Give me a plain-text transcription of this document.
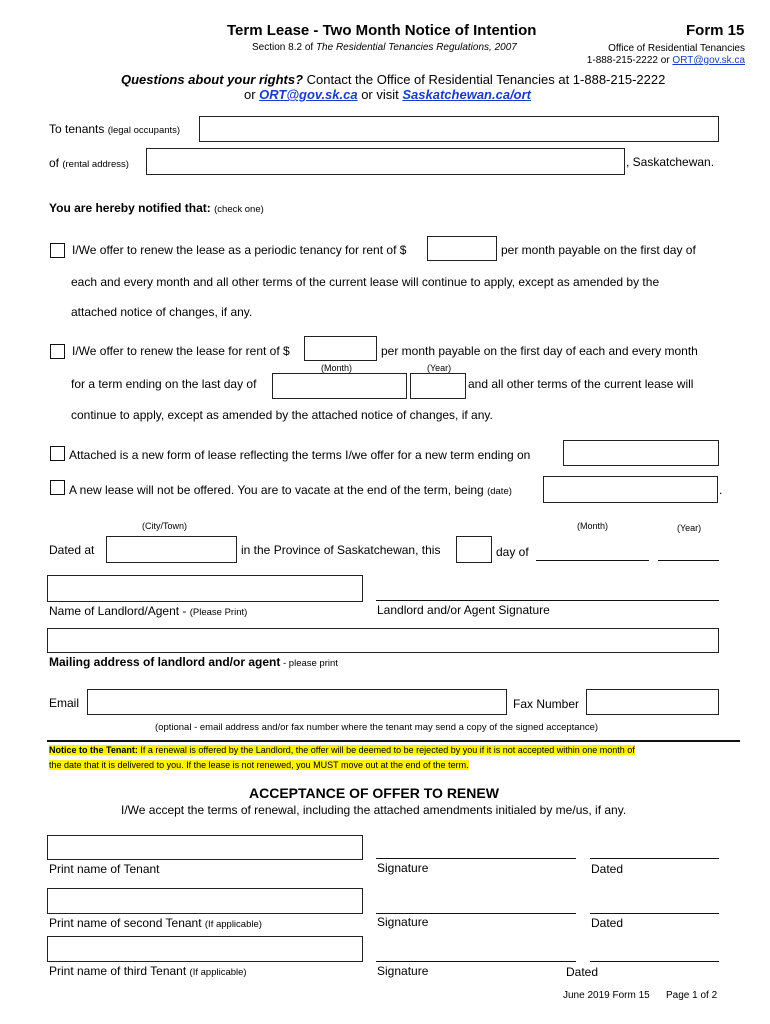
Term Lease - Two Month Notice of Intention	Form 15
Section 8.2 of The Residential Tenancies Regulations, 2007	Office of Residential Tenancies
1-888-215-2222 or ORT@gov.sk.ca
Questions about your rights? Contact the Office of Residential Tenancies at 1-888-215-2222
or ORT@gov.sk.ca or visit Saskatchewan.ca/ort
To tenants (legal occupants)
of (rental address)	, Saskatchewan.
You are hereby notified that: (check one)
I/We offer to renew the lease as a periodic tenancy for rent of $	per month payable on the first day of
each and every month and all other terms of the current lease will continue to apply, except as amended by the
attached notice of changes, if any.
I/We offer to renew the lease for rent of $	per month payable on the first day of each and every month
(Month)	(Year)
for a term ending on the last day of	and all other terms of the current lease will
continue to apply, except as amended by the attached notice of changes, if any.
Attached is a new form of lease reflecting the terms I/we offer for a new term ending on
A new lease will not be offered. You are to vacate at the end of the term, being (date)	.
(City/Town)	(Month)	(Year)
Dated at	in the Province of Saskatchewan, this	day of
Name of Landlord/Agent - (Please Print)	Landlord and/or Agent Signature
Mailing address of landlord and/or agent - please print
Email	Fax Number
(optional - email address and/or fax number where the tenant may send a copy of the signed acceptance)
Notice to the Tenant: If a renewal is offered by the Landlord, the offer will be deemed to be rejected by you if it is not accepted within one month of
the date that it is delivered to you. If the lease is not renewed, you MUST move out at the end of the term.
ACCEPTANCE OF OFFER TO RENEW
I/We accept the terms of renewal, including the attached amendments initialed by me/us, if any.
Print name of Tenant	Signature	Dated
Print name of second Tenant (If applicable)	Signature	Dated
Print name of third Tenant (If applicable)	Signature	Dated
June 2019 Form 15 Page 1 of 2
